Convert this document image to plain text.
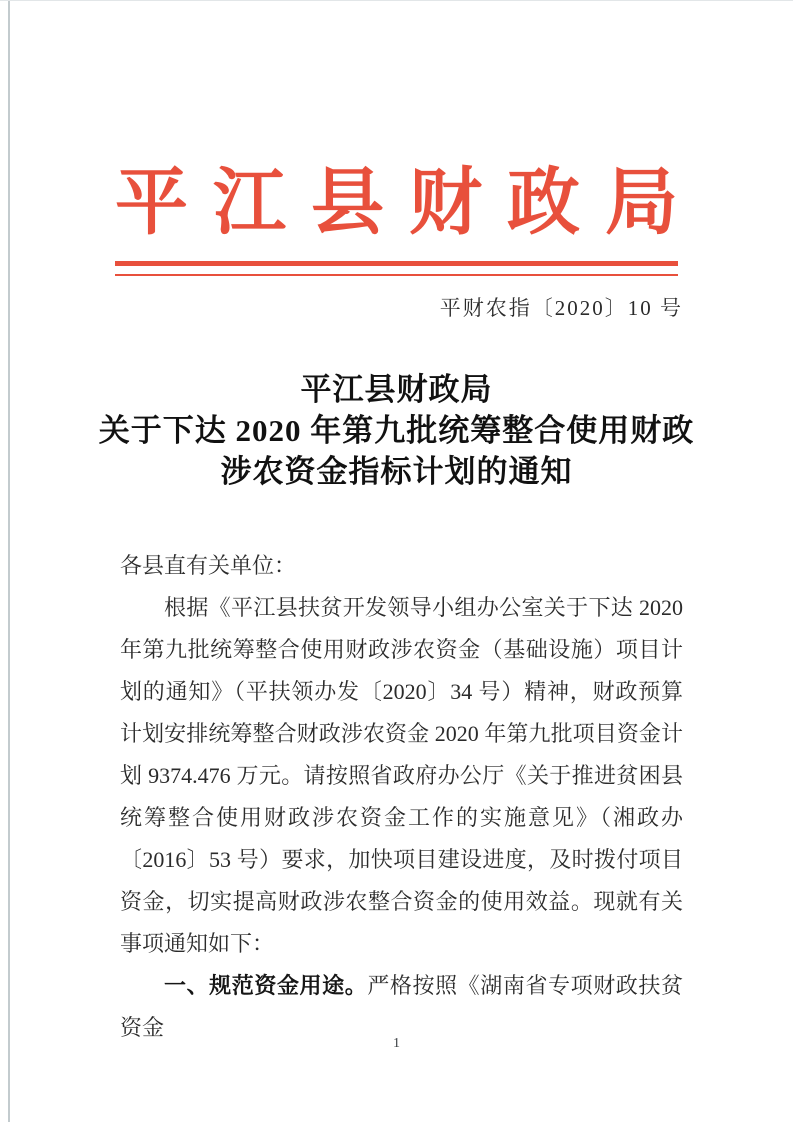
平江县财政局
平财农指〔2020〕10 号
平江县财政局
关于下达 2020 年第九批统筹整合使用财政
涉农资金指标计划的通知

各县直有关单位：

根据《平江县扶贫开发领导小组办公室关于下达 2020 年第九批统筹整合使用财政涉农资金（基础设施）项目计划的通知》（平扶领办发〔2020〕34 号）精神，财政预算计划安排统筹整合财政涉农资金 2020 年第九批项目资金计划 9374.476 万元。请按照省政府办公厅《关于推进贫困县统筹整合使用财政涉农资金工作的实施意见》（湘政办〔2016〕53 号）要求，加快项目建设进度，及时拨付项目资金，切实提高财政涉农整合资金的使用效益。现就有关事项通知如下：

一、规范资金用途。严格按照《湖南省专项财政扶贫资金

1
